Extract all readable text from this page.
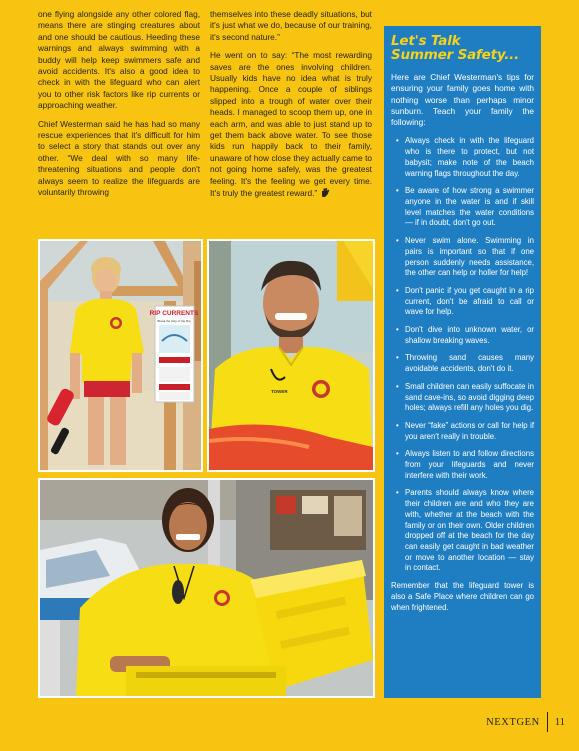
one flying alongside any other colored flag, means there are stinging creatures about and one should be cautious. Heeding these warnings and always swimming with a buddy will help keep swimmers safe and avoid accidents. It's also a good idea to check in with the lifeguard who can alert you to other risk factors like rip currents or approaching weather.

Chief Westerman said he has had so many rescue experiences that it's difficult for him to select a story that stands out over any other. “We deal with so many life-threatening situations and people don't always seem to realize the lifeguards are voluntarily throwing

themselves into these deadly situations, but it's just what we do, because of our training, it's second nature.”

He went on to say: “The most rewarding saves are the ones involving children. Usually kids have no idea what is truly happening. Once a couple of siblings slipped into a trough of water over their heads. I managed to scoop them up, one in each arm, and was able to just stand up to get them back above water. To see those kids run happily back to their family, unaware of how close they actually came to not going home safely, was the greatest feeling. It's the feeling we get every time. It's truly the greatest reward.”

RIP CURRENTS
Break the Grip of the Rip
TOWER
Let's Talk
Summer Safety...

Here are Chief Westerman's tips for ensuring your family goes home with nothing worse than perhaps minor sunburn. Teach your family the following:

• Always check in with the lifeguard who is there to protect, but not babysit; make note of the beach warning flags throughout the day.
• Be aware of how strong a swimmer anyone in the water is and if skill level matches the water conditions — if in doubt, don't go out.
• Never swim alone. Swimming in pairs is important so that if one person suddenly needs assistance, the other can help or holler for help!
• Don't panic if you get caught in a rip current, don't be afraid to call or wave for help.
• Don't dive into unknown water, or shallow breaking waves.
• Throwing sand causes many avoidable accidents, don't do it.
• Small children can easily suffocate in sand cave-ins, so avoid digging deep holes; always refill any holes you dig.
• Never “fake” actions or call for help if you aren't really in trouble.
• Always listen to and follow directions from your lifeguards and never interfere with their work.
• Parents should always know where their children are and who they are with, whether at the beach with the family or on their own. Older children dropped off at the beach for the day can easily get caught in bad weather or move to another location — stay in contact.

Remember that the lifeguard tower is also a Safe Place where children can go when frightened.

NEXTGEN 11
